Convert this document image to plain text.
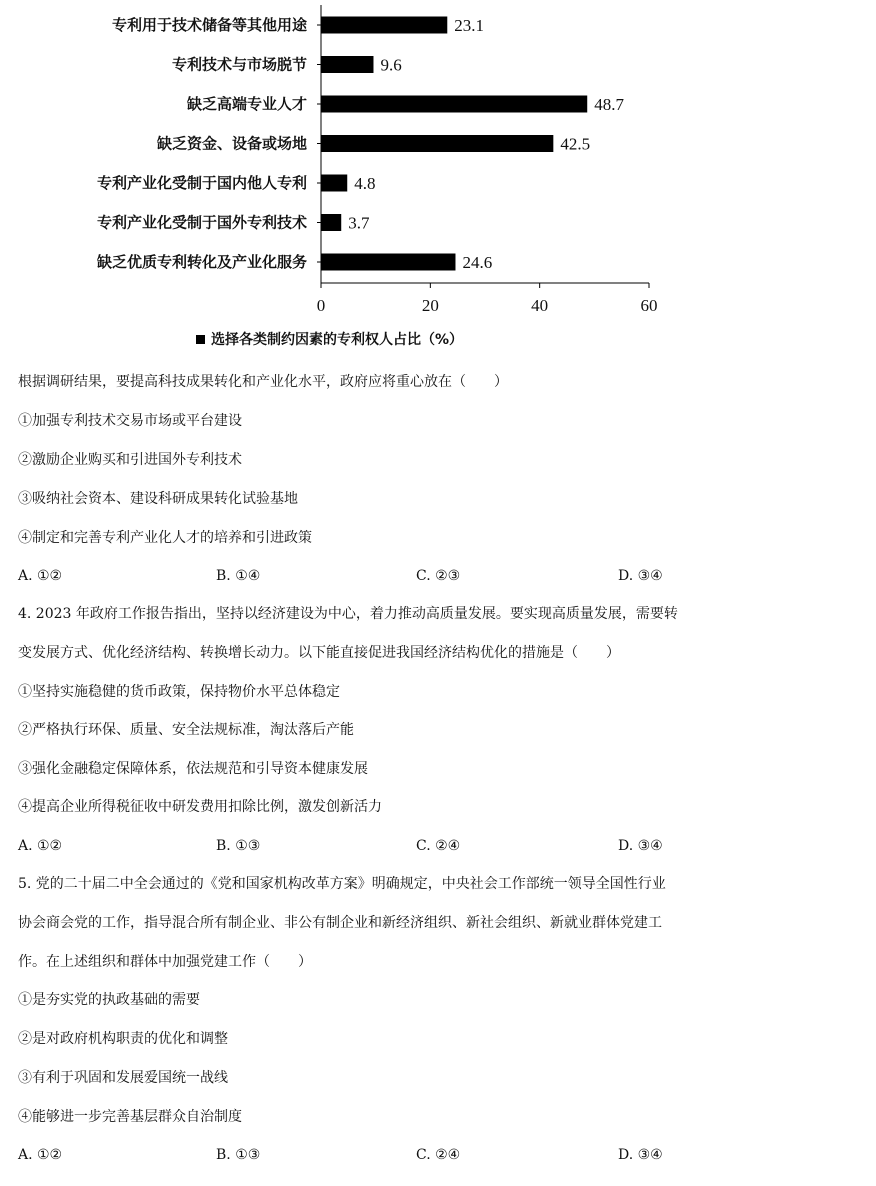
专利用于技术储备等其他用途	23.1
专利技术与市场脱节	9.6
缺乏高端专业人才	48.7
缺乏资金、设备或场地	42.5
专利产业化受制于国内他人专利	4.8
专利产业化受制于国外专利技术 3.7
缺乏优质专利转化及产业化服务	24.6
0	20	40	60
选择各类制约因素的专利权人占比（%）
根据调研结果，要提高科技成果转化和产业化水平，政府应将重心放在（　　）
①加强专利技术交易市场或平台建设
②激励企业购买和引进国外专利技术
③吸纳社会资本、建设科研成果转化试验基地
④制定和完善专利产业化人才的培养和引进政策
A. ①②	B. ①④	C. ②③	D. ③④
4. 2023 年政府工作报告指出，坚持以经济建设为中心，着力推动高质量发展。要实现高质量发展，需要转
变发展方式、优化经济结构、转换增长动力。以下能直接促进我国经济结构优化的措施是（　　）
①坚持实施稳健的货币政策，保持物价水平总体稳定
②严格执行环保、质量、安全法规标准，淘汰落后产能
③强化金融稳定保障体系，依法规范和引导资本健康发展
④提高企业所得税征收中研发费用扣除比例，激发创新活力
A. ①②	B. ①③	C. ②④	D. ③④
5. 党的二十届二中全会通过的《党和国家机构改革方案》明确规定，中央社会工作部统一领导全国性行业
协会商会党的工作，指导混合所有制企业、非公有制企业和新经济组织、新社会组织、新就业群体党建工
作。在上述组织和群体中加强党建工作（　　）
①是夯实党的执政基础的需要
②是对政府机构职责的优化和调整
③有利于巩固和发展爱国统一战线
④能够进一步完善基层群众自治制度
A. ①②	B. ①③	C. ②④	D. ③④
